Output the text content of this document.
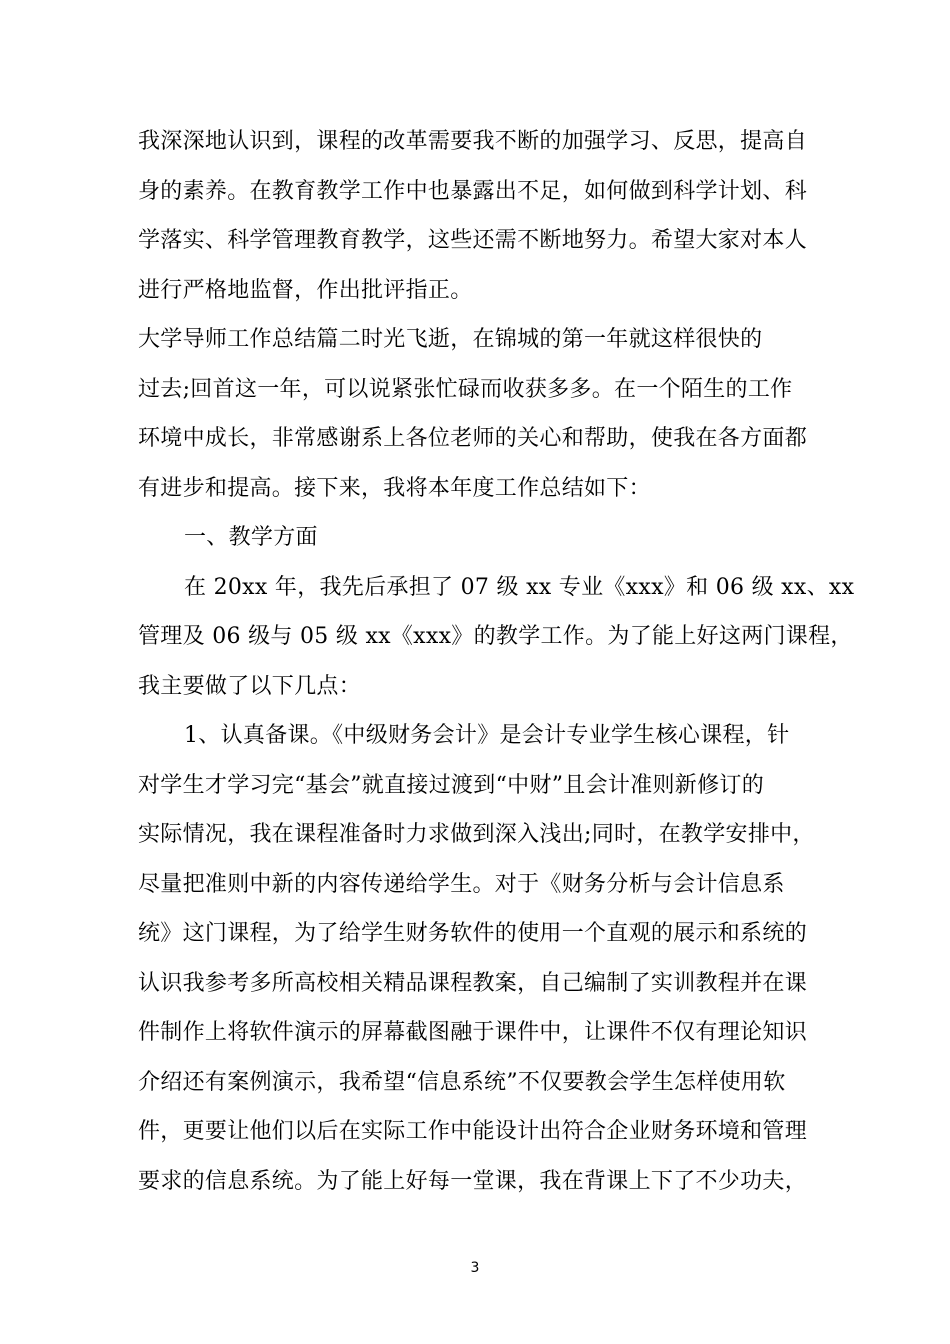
我深深地认识到，课程的改革需要我不断的加强学习、反思，提高自
身的素养。在教育教学工作中也暴露出不足，如何做到科学计划、科
学落实、科学管理教育教学，这些还需不断地努力。希望大家对本人
进行严格地监督，作出批评指正。
大学导师工作总结篇二时光飞逝，在锦城的第一年就这样很快的
过去;回首这一年，可以说紧张忙碌而收获多多。在一个陌生的工作
环境中成长，非常感谢系上各位老师的关心和帮助，使我在各方面都
有进步和提高。接下来，我将本年度工作总结如下：
一、教学方面
在 20xx 年，我先后承担了 07 级 xx 专业《xxx》和 06 级 xx、xx
管理及 06 级与 05 级 xx《xxx》的教学工作。为了能上好这两门课程，
我主要做了以下几点：
1、认真备课。《中级财务会计》是会计专业学生核心课程，针
对学生才学习完“基会”就直接过渡到“中财”且会计准则新修订的
实际情况，我在课程准备时力求做到深入浅出;同时，在教学安排中，
尽量把准则中新的内容传递给学生。对于《财务分析与会计信息系
统》这门课程，为了给学生财务软件的使用一个直观的展示和系统的
认识我参考多所高校相关精品课程教案，自己编制了实训教程并在课
件制作上将软件演示的屏幕截图融于课件中，让课件不仅有理论知识
介绍还有案例演示，我希望“信息系统”不仅要教会学生怎样使用软
件，更要让他们以后在实际工作中能设计出符合企业财务环境和管理
要求的信息系统。为了能上好每一堂课，我在背课上下了不少功夫，
3
